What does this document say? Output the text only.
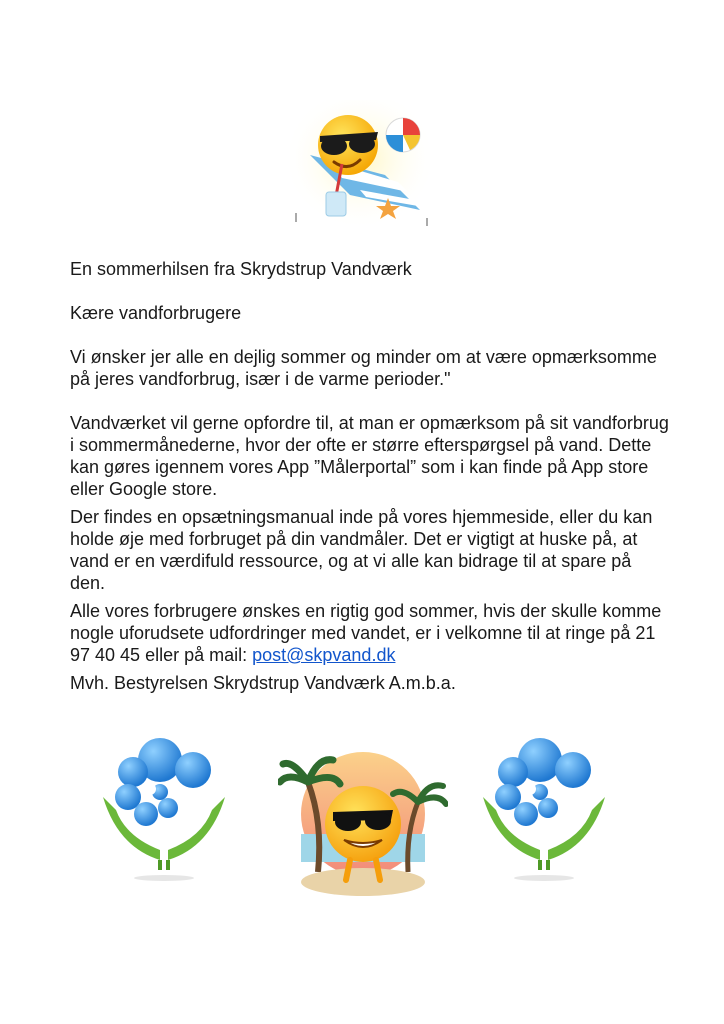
En sommerhilsen fra Skrydstrup Vandværk

Kære vandforbrugere

Vi ønsker jer alle en dejlig sommer og minder om at være opmærksomme på jeres vandforbrug, især i de varme perioder."

Vandværket vil gerne opfordre til, at man er opmærksom på sit vandforbrug i sommermånederne, hvor der ofte er større efterspørgsel på vand. Dette kan gøres igennem vores App ”Målerportal” som i kan finde på App store eller Google store.

Der findes en opsætningsmanual inde på vores hjemmeside, eller du kan holde øje med forbruget på din vandmåler. Det er vigtigt at huske på, at vand er en værdifuld ressource, og at vi alle kan bidrage til at spare på den.

Alle vores forbrugere ønskes en rigtig god sommer, hvis der skulle komme nogle uforudsete udfordringer med vandet, er i velkomne til at ringe på 21 97 40 45 eller på mail: post@skpvand.dk

Mvh. Bestyrelsen Skrydstrup Vandværk A.m.b.a.
